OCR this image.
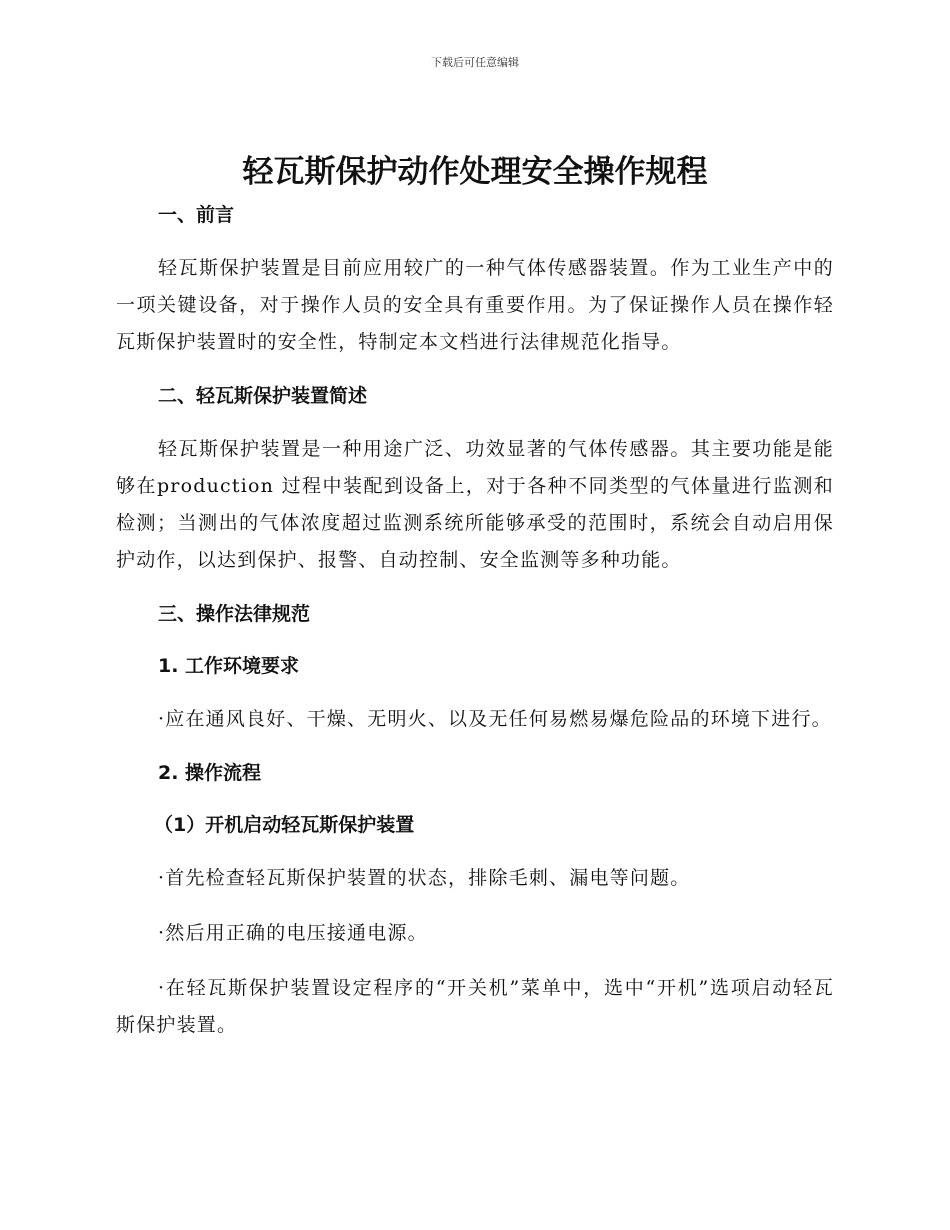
下载后可任意编辑
轻瓦斯保护动作处理安全操作规程
一、前言

轻瓦斯保护装置是目前应用较广的一种气体传感器装置。作为工业生产中的一项关键设备，对于操作人员的安全具有重要作用。为了保证操作人员在操作轻瓦斯保护装置时的安全性，特制定本文档进行法律规范化指导。

二、轻瓦斯保护装置简述

轻瓦斯保护装置是一种用途广泛、功效显著的气体传感器。其主要功能是能够在production 过程中装配到设备上，对于各种不同类型的气体量进行监测和检测；当测出的气体浓度超过监测系统所能够承受的范围时，系统会自动启用保护动作，以达到保护、报警、自动控制、安全监测等多种功能。

三、操作法律规范
1. 工作环境要求

·应在通风良好、干燥、无明火、以及无任何易燃易爆危险品的环境下进行。

2. 操作流程
（1）开机启动轻瓦斯保护装置

·首先检查轻瓦斯保护装置的状态，排除毛刺、漏电等问题。

·然后用正确的电压接通电源。

·在轻瓦斯保护装置设定程序的“开关机”菜单中，选中“开机”选项启动轻瓦斯保护装置。
